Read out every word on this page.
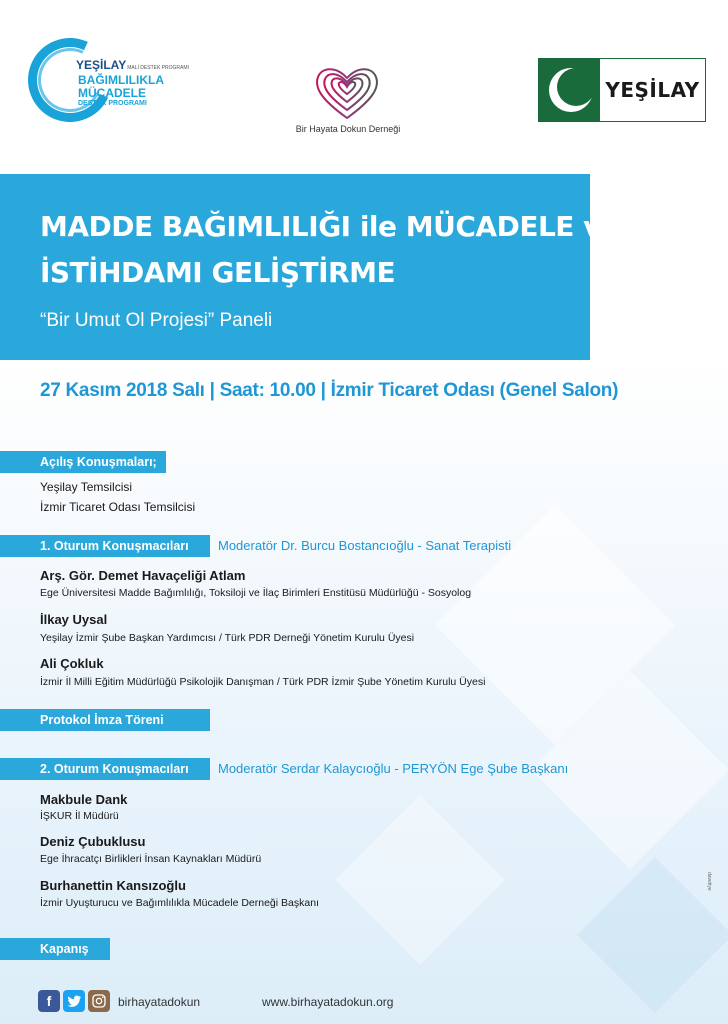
YEŞİLAYMALİ DESTEK PROGRAMI
BAĞIMLILIKLA
MÜCADELE
DESTEK PROGRAMI
Bir Hayata Dokun Derneği
YEŞİLAY
MADDE BAĞIMLILIĞI ile MÜCADELE ve
İSTİHDAMI GELİŞTİRME
“Bir Umut Ol Projesi” Paneli
27 Kasım 2018 Salı | Saat: 10.00 | İzmir Ticaret Odası (Genel Salon)
Açılış Konuşmaları;
Yeşilay Temsilcisi
İzmir Ticaret Odası Temsilcisi
1. Oturum Konuşmacıları	Moderatör Dr. Burcu Bostancıoğlu - Sanat Terapisti
Arş. Gör. Demet Havaçeliği Atlam
Ege Üniversitesi Madde Bağımlılığı, Toksiloji ve İlaç Birimleri Enstitüsü Müdürlüğü - Sosyolog
İlkay Uysal
Yeşilay İzmir Şube Başkan Yardımcısı / Türk PDR Derneği Yönetim Kurulu Üyesi
Ali Çokluk
İzmir İl Milli Eğitim Müdürlüğü Psikolojik Danışman / Türk PDR İzmir Şube Yönetim Kurulu Üyesi
Protokol İmza Töreni
2. Oturum Konuşmacıları	Moderatör Serdar Kalaycıoğlu - PERYÖN Ege Şube Başkanı
Makbule Dank
İŞKUR İl Müdürü
Deniz Çubuklusu
Ege İhracatçı Birlikleri İnsan Kaynakları Müdürü
Burhanettin Kansızoğlu
İzmir Uyuşturucu ve Bağımlılıkla Mücadele Derneği Başkanı
Kapanış
f	birhayatadokun	www.birhayatadokun.org
davetiye
